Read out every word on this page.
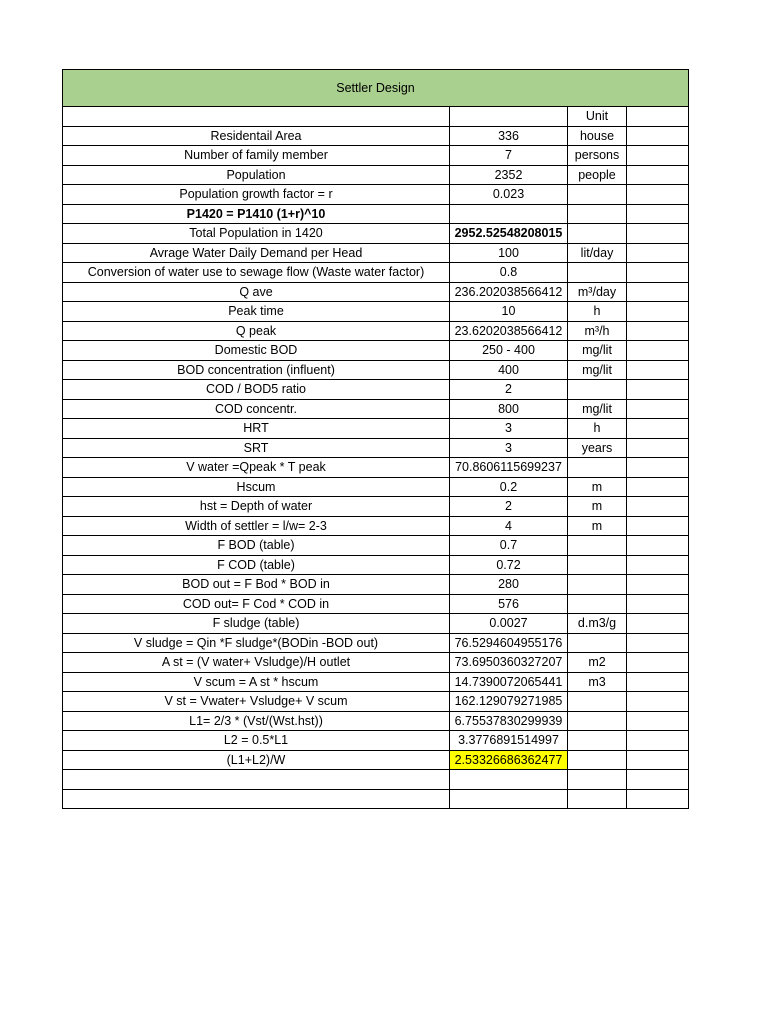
Settler Design			
		Unit	
Residentail Area	336	house	
Number of family member	7	persons	
Population	2352	people	
Population growth factor = r	0.023		
P1420 = P1410 (1+r)^10			
Total Population in 1420	2952.52548208015		
Avrage Water Daily Demand per Head	100	lit/day	
Conversion of water use to sewage flow (Waste water factor)	0.8		
Q ave	236.202038566412	m³/day	
Peak time	10	h	
Q peak	23.6202038566412	m³/h	
Domestic BOD	250 - 400	mg/lit	
BOD concentration (influent)	400	mg/lit	
COD / BOD5 ratio	2		
COD concentr.	800	mg/lit	
HRT	3	h	
SRT	3	years	
V water =Qpeak * T peak	70.8606115699237		
Hscum	0.2	m	
hst = Depth of water	2	m	
Width of settler = l/w= 2-3	4	m	
F BOD (table)	0.7		
F COD (table)	0.72		
BOD out = F Bod * BOD in	280		
COD out= F Cod * COD in	576		
F sludge (table)	0.0027	d.m3/g	
V sludge = Qin *F sludge*(BODin -BOD out)	76.5294604955176		
A st = (V water+ Vsludge)/H outlet	73.6950360327207	m2	
V scum = A st * hscum	14.7390072065441	m3	
V st = Vwater+ Vsludge+ V scum	162.129079271985		
L1= 2/3 * (Vst/(Wst.hst))	6.75537830299939		
L2 = 0.5*L1	3.3776891514997		
(L1+L2)/W	2.53326686362477		
